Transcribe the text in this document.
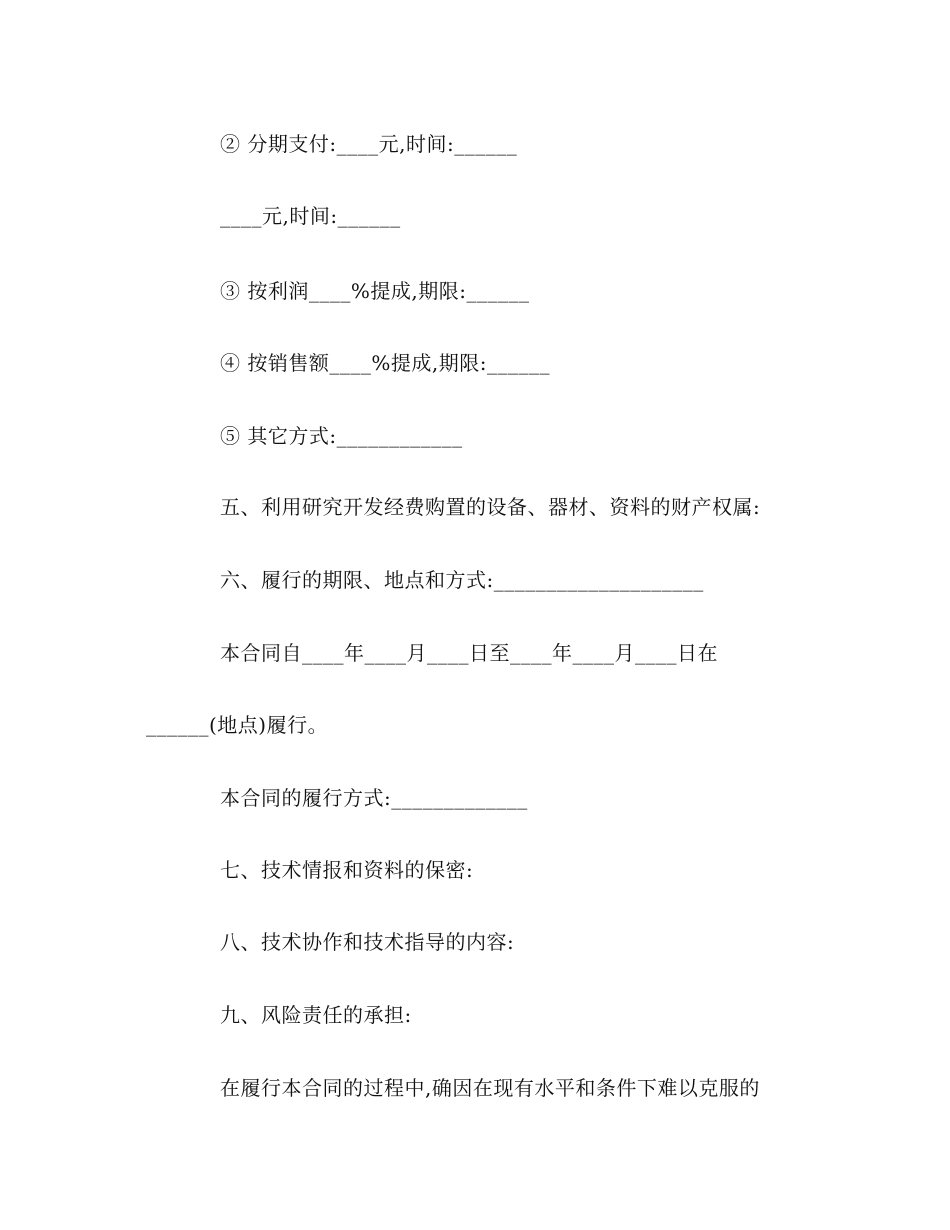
② 分期支付:____元,时间:______
____元,时间:______
③ 按利润____%提成,期限:______
④ 按销售额____%提成,期限:______
⑤ 其它方式:____________
五、利用研究开发经费购置的设备、器材、资料的财产权属:
六、履行的期限、地点和方式:____________________
本合同自____年____月____日至____年____月____日在
______(地点)履行。
本合同的履行方式:_____________
七、技术情报和资料的保密:
八、技术协作和技术指导的内容:
九、风险责任的承担:
在履行本合同的过程中,确因在现有水平和条件下难以克服的
